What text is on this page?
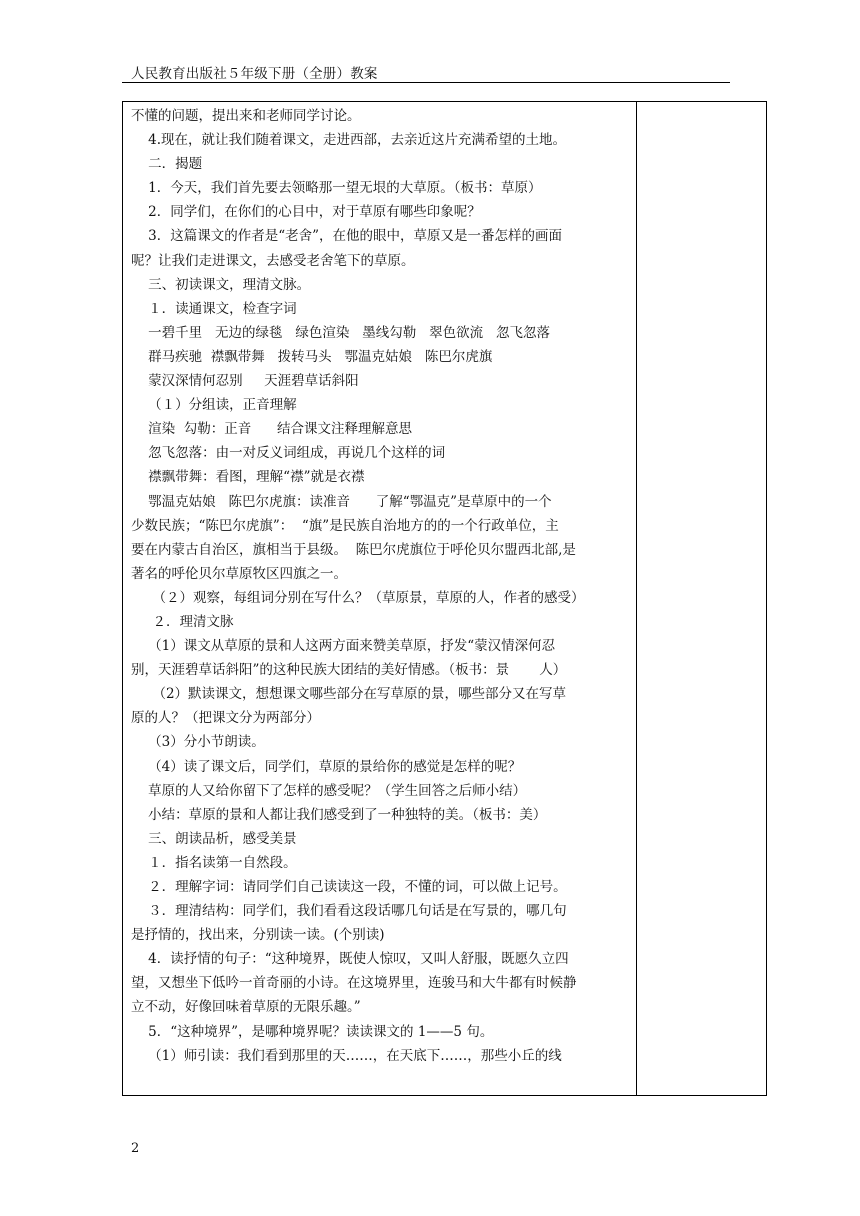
人民教育出版社５年级下册（全册）教案
不懂的问题，提出来和老师同学讨论。
4.现在，就让我们随着课文，走进西部，去亲近这片充满希望的土地。
二．揭题
1．今天，我们首先要去领略那一望无垠的大草原。（板书：草原）
2．同学们，在你们的心目中，对于草原有哪些印象呢？
3．这篇课文的作者是“老舍”，在他的眼中，草原又是一番怎样的画面
呢？让我们走进课文，去感受老舍笔下的草原。
三、初读课文，理清文脉。
１．读通课文，检查字词
一碧千里   无边的绿毯   绿色渲染   墨线勾勒   翠色欲流   忽飞忽落
群马疾驰  襟飘带舞   拨转马头   鄂温克姑娘   陈巴尔虎旗
蒙汉深情何忍别     天涯碧草话斜阳
（１）分组读，正音理解
渲染  勾勒：正音      结合课文注释理解意思
忽飞忽落：由一对反义词组成，再说几个这样的词
襟飘带舞：看图，理解“襟”就是衣襟
鄂温克姑娘   陈巴尔虎旗：读准音      了解“鄂温克”是草原中的一个
少数民族；“陈巴尔虎旗”：  “旗”是民族自治地方的的一个行政单位，主
要在内蒙古自治区，旗相当于县级。  陈巴尔虎旗位于呼伦贝尔盟西北部,是
著名的呼伦贝尔草原牧区四旗之一。
（２）观察，每组词分别在写什么？（草原景，草原的人，作者的感受）
２．理清文脉
（1）课文从草原的景和人这两方面来赞美草原，抒发“蒙汉情深何忍
别，天涯碧草话斜阳”的这种民族大团结的美好情感。（板书：景       人）
（2）默读课文，想想课文哪些部分在写草原的景，哪些部分又在写草
原的人？（把课文分为两部分）
（3）分小节朗读。
（4）读了课文后，同学们，草原的景给你的感觉是怎样的呢？
草原的人又给你留下了怎样的感受呢？（学生回答之后师小结）
小结：草原的景和人都让我们感受到了一种独特的美。（板书：美）
三、朗读品析，感受美景
１．指名读第一自然段。
２．理解字词：请同学们自己读读这一段，不懂的词，可以做上记号。
３．理清结构：同学们，我们看看这段话哪几句话是在写景的，哪几句
是抒情的，找出来，分别读一读。(个别读)
4．读抒情的句子：“这种境界，既使人惊叹，又叫人舒服，既愿久立四
望，又想坐下低吟一首奇丽的小诗。在这境界里，连骏马和大牛都有时候静
立不动，好像回味着草原的无限乐趣。”
5．“这种境界”，是哪种境界呢？读读课文的 1——5 句。
（1）师引读：我们看到那里的天……，在天底下……，那些小丘的线
2
